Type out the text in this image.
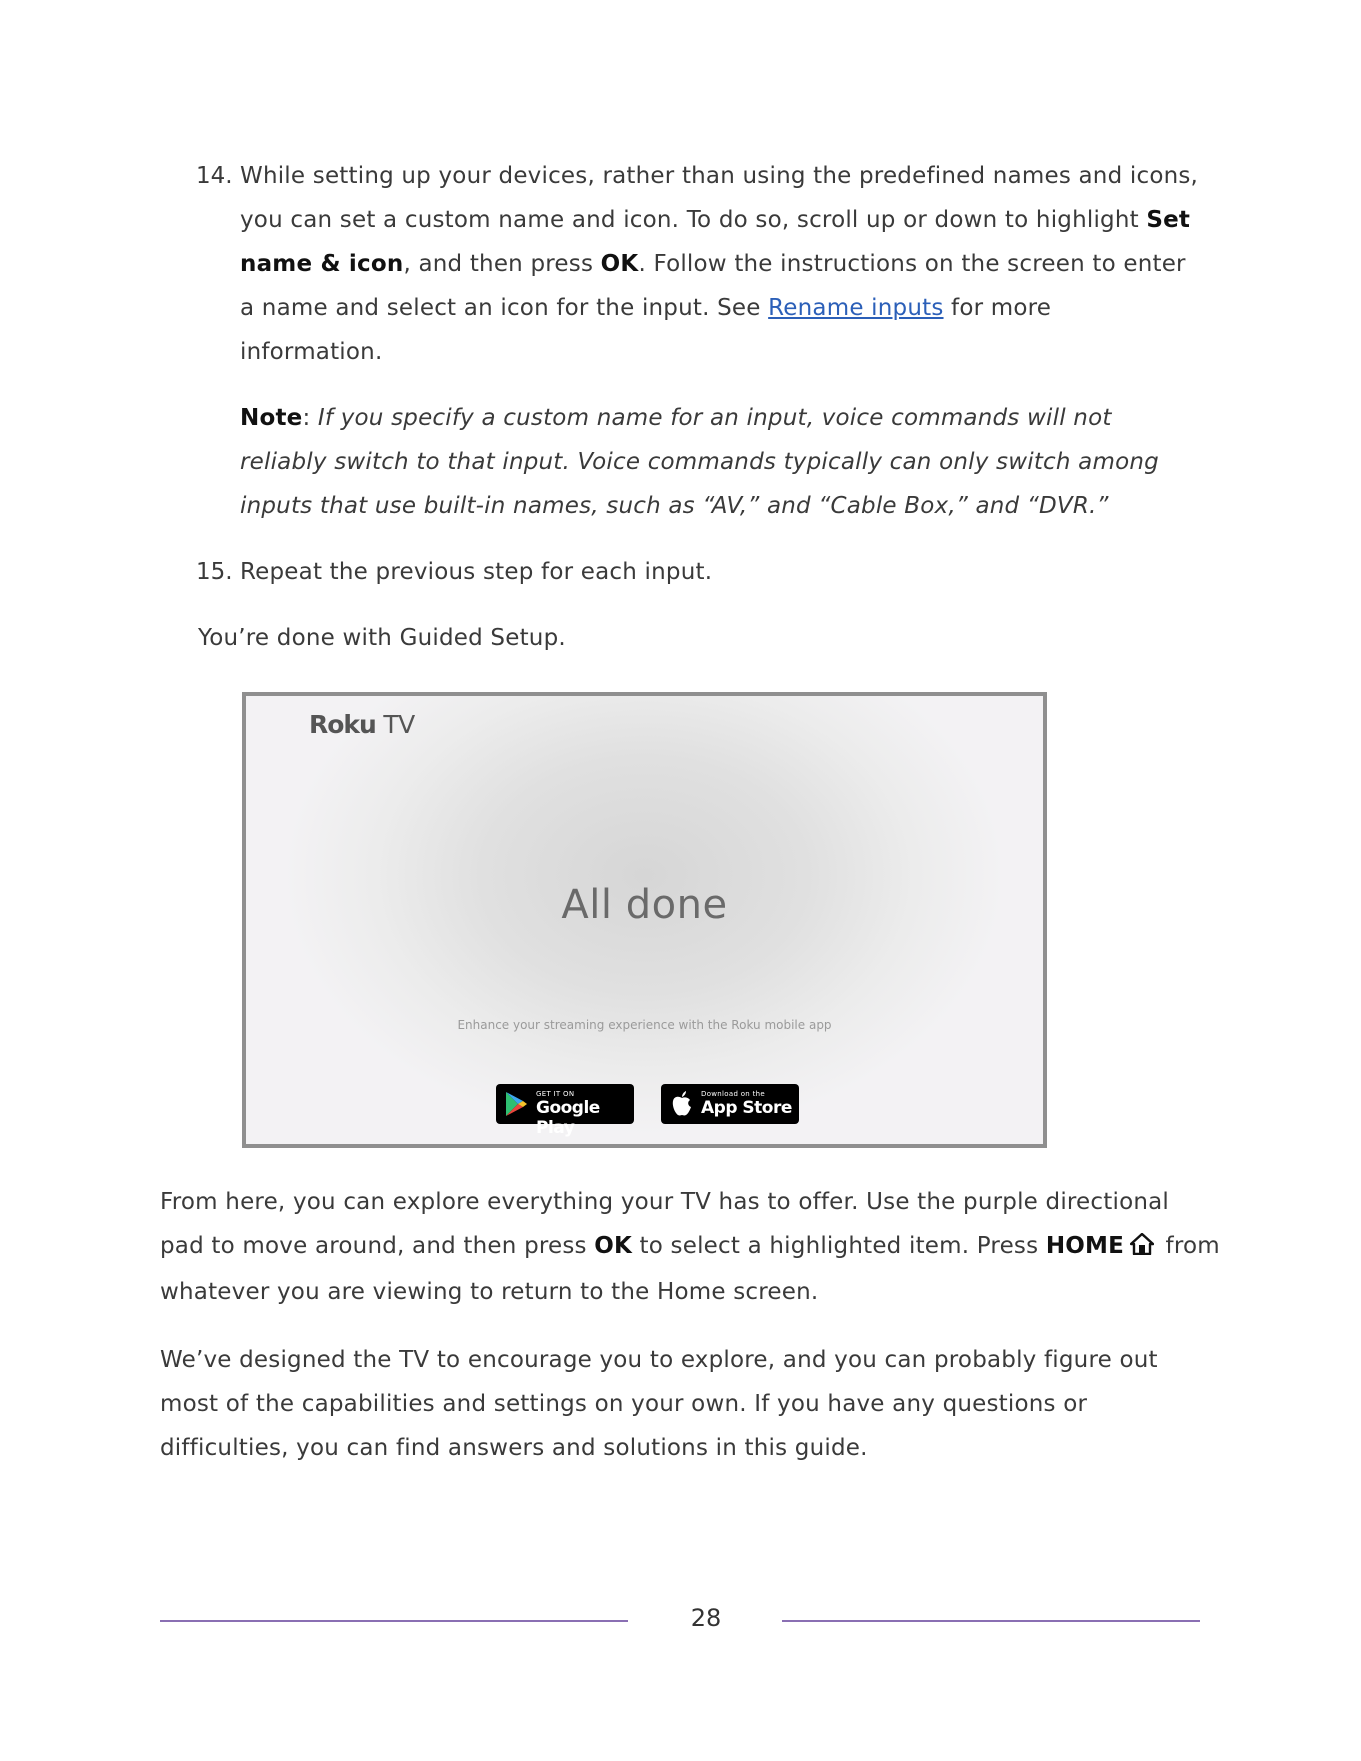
14. While setting up your devices, rather than using the predefined names and icons, you can set a custom name and icon. To do so, scroll up or down to highlight Set name & icon, and then press OK. Follow the instructions on the screen to enter a name and select an icon for the input. See Rename inputs for more information.

Note: If you specify a custom name for an input, voice commands will not reliably switch to that input. Voice commands typically can only switch among inputs that use built-in names, such as “AV,” and “Cable Box,” and “DVR.”

15. Repeat the previous step for each input.

You’re done with Guided Setup.

Roku TV
All done
Enhance your streaming experience with the Roku mobile app
GET IT ON
Google Play
Download on the
App Store

From here, you can explore everything your TV has to offer. Use the purple directional pad to move around, and then press OK to select a highlighted item. Press HOME from whatever you are viewing to return to the Home screen.

We’ve designed the TV to encourage you to explore, and you can probably figure out most of the capabilities and settings on your own. If you have any questions or difficulties, you can find answers and solutions in this guide.

28
